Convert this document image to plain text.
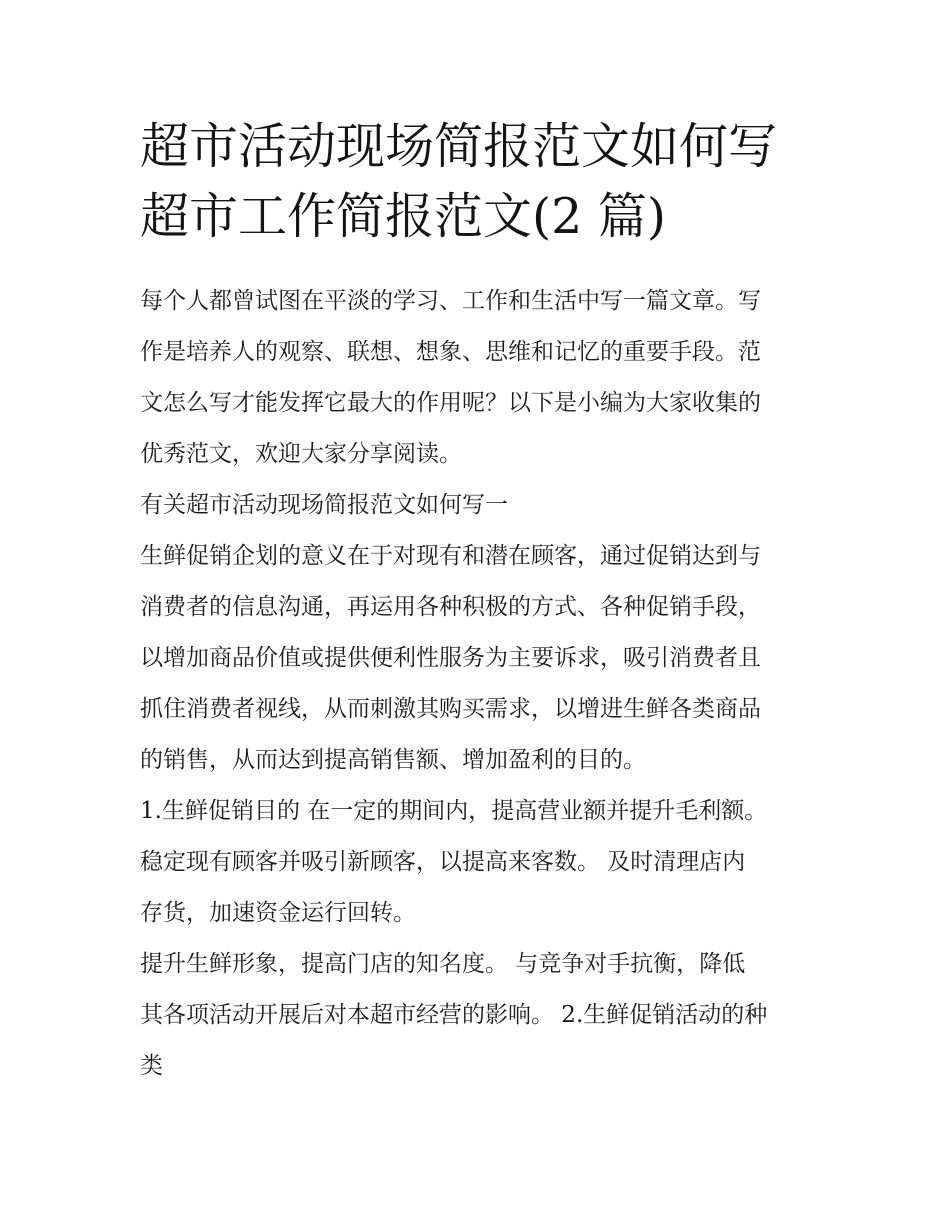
超市活动现场简报范文如何写
超市工作简报范文(2 篇)

每个人都曾试图在平淡的学习、工作和生活中写一篇文章。写
作是培养人的观察、联想、想象、思维和记忆的重要手段。范
文怎么写才能发挥它最大的作用呢？以下是小编为大家收集的
优秀范文，欢迎大家分享阅读。

有关超市活动现场简报范文如何写一

生鲜促销企划的意义在于对现有和潜在顾客，通过促销达到与
消费者的信息沟通，再运用各种积极的方式、各种促销手段，
以增加商品价值或提供便利性服务为主要诉求，吸引消费者且
抓住消费者视线，从而刺激其购买需求，以增进生鲜各类商品
的销售，从而达到提高销售额、增加盈利的目的。

1.生鲜促销目的 在一定的期间内，提高营业额并提升毛利额。
稳定现有顾客并吸引新顾客，以提高来客数。 及时清理店内
存货，加速资金运行回转。

提升生鲜形象，提高门店的知名度。 与竞争对手抗衡，降低
其各项活动开展后对本超市经营的影响。 2.生鲜促销活动的种
类
